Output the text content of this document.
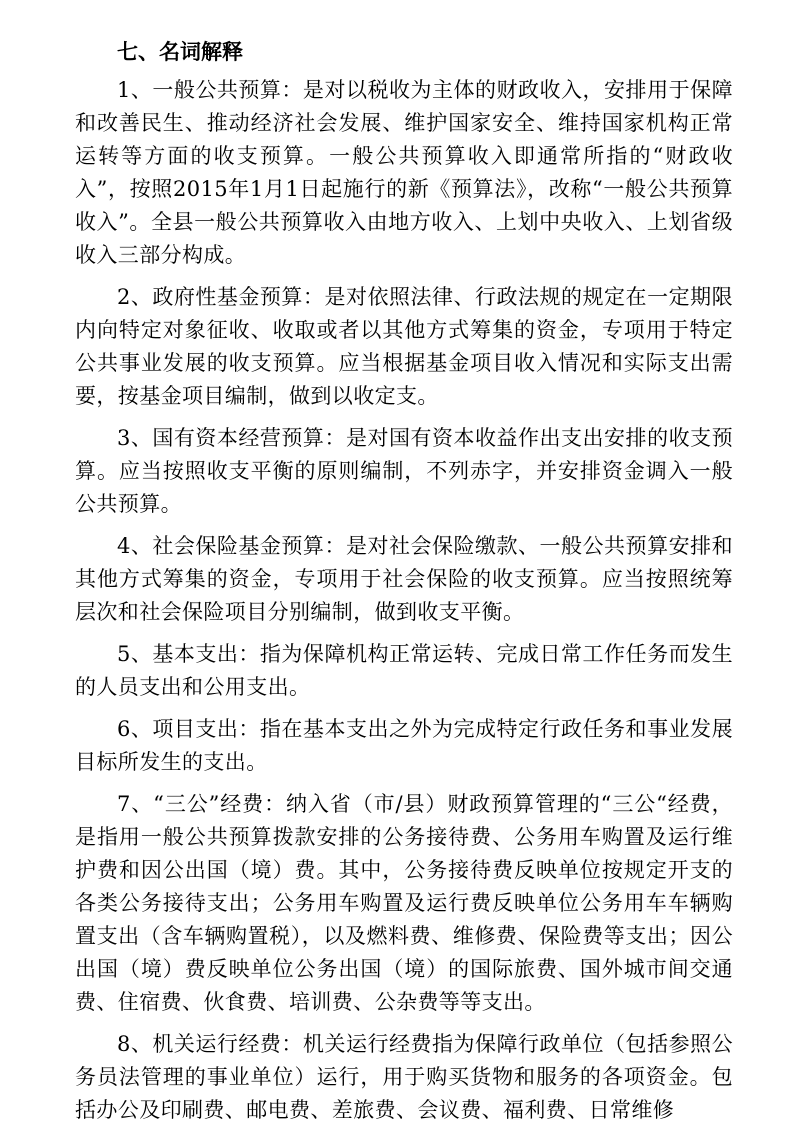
七、名词解释

1、一般公共预算：是对以税收为主体的财政收入，安排用于保障和改善民生、推动经济社会发展、维护国家安全、维持国家机构正常运转等方面的收支预算。一般公共预算收入即通常所指的“财政收入”，按照2015年1月1日起施行的新《预算法》，改称“一般公共预算收入”。全县一般公共预算收入由地方收入、上划中央收入、上划省级收入三部分构成。

2、政府性基金预算：是对依照法律、行政法规的规定在一定期限内向特定对象征收、收取或者以其他方式筹集的资金，专项用于特定公共事业发展的收支预算。应当根据基金项目收入情况和实际支出需要，按基金项目编制，做到以收定支。

3、国有资本经营预算：是对国有资本收益作出支出安排的收支预算。应当按照收支平衡的原则编制，不列赤字，并安排资金调入一般公共预算。

4、社会保险基金预算：是对社会保险缴款、一般公共预算安排和其他方式筹集的资金，专项用于社会保险的收支预算。应当按照统筹层次和社会保险项目分别编制，做到收支平衡。

5、基本支出：指为保障机构正常运转、完成日常工作任务而发生的人员支出和公用支出。

6、项目支出：指在基本支出之外为完成特定行政任务和事业发展目标所发生的支出。

7、“三公”经费：纳入省（市/县）财政预算管理的“三公“经费，是指用一般公共预算拨款安排的公务接待费、公务用车购置及运行维护费和因公出国（境）费。其中，公务接待费反映单位按规定开支的各类公务接待支出；公务用车购置及运行费反映单位公务用车车辆购置支出（含车辆购置税），以及燃料费、维修费、保险费等支出；因公出国（境）费反映单位公务出国（境）的国际旅费、国外城市间交通费、住宿费、伙食费、培训费、公杂费等等支出。

8、机关运行经费：机关运行经费指为保障行政单位（包括参照公务员法管理的事业单位）运行，用于购买货物和服务的各项资金。包括办公及印刷费、邮电费、差旅费、会议费、福利费、日常维修
